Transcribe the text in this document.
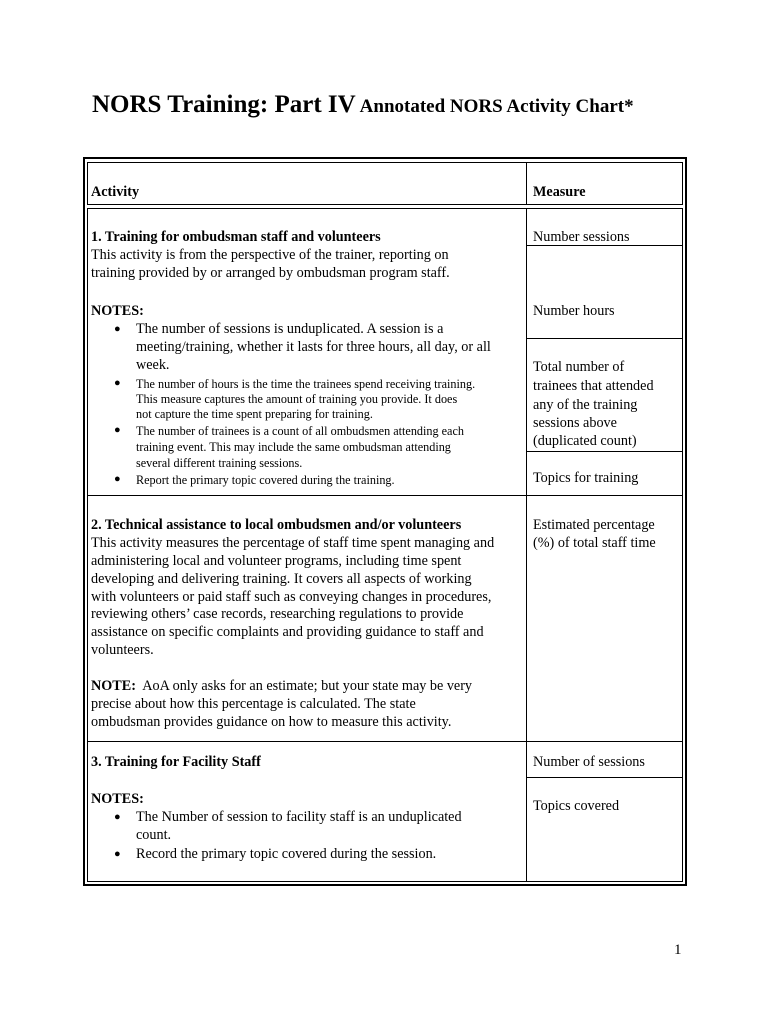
NORS Training: Part IV Annotated NORS Activity Chart*
Activity	Measure
1. Training for ombudsman staff and volunteers
This activity is from the perspective of the trainer, reporting on
training provided by or arranged by ombudsman program staff.
NOTES:
● The number of sessions is unduplicated. A session is a
meeting/training, whether it lasts for three hours, all day, or all
week.
● The number of hours is the time the trainees spend receiving training.
This measure captures the amount of training you provide. It does
not capture the time spent preparing for training.
● The number of trainees is a count of all ombudsmen attending each
training event. This may include the same ombudsman attending
several different training sessions.
● Report the primary topic covered during the training.
Number sessions
Number hours
Total number of
trainees that attended
any of the training
sessions above
(duplicated count)
Topics for training
2. Technical assistance to local ombudsmen and/or volunteers
This activity measures the percentage of staff time spent managing and
administering local and volunteer programs, including time spent
developing and delivering training. It covers all aspects of working
with volunteers or paid staff such as conveying changes in procedures,
reviewing others’ case records, researching regulations to provide
assistance on specific complaints and providing guidance to staff and
volunteers.
NOTE:  AoA only asks for an estimate; but your state may be very
precise about how this percentage is calculated. The state
ombudsman provides guidance on how to measure this activity.
Estimated percentage
(%) of total staff time
3. Training for Facility Staff
NOTES:
● The Number of session to facility staff is an unduplicated
count.
● Record the primary topic covered during the session.
Number of sessions
Topics covered
1
